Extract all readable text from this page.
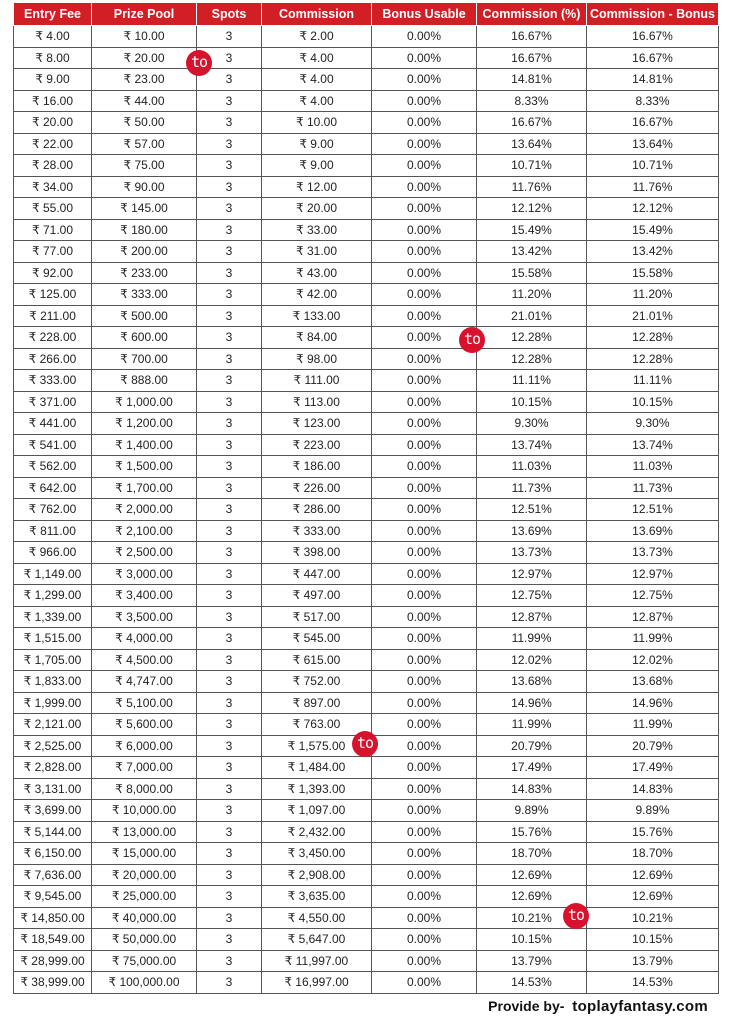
Entry Fee	Prize Pool	Spots	Commission	Bonus Usable	Commission (%)	Commission - Bonus
₹ 4.00	₹ 10.00	3	₹ 2.00	0.00%	16.67%	16.67%
₹ 8.00	₹ 20.00	3	₹ 4.00	0.00%	16.67%	16.67%
₹ 9.00	₹ 23.00	3	₹ 4.00	0.00%	14.81%	14.81%
₹ 16.00	₹ 44.00	3	₹ 4.00	0.00%	8.33%	8.33%
₹ 20.00	₹ 50.00	3	₹ 10.00	0.00%	16.67%	16.67%
₹ 22.00	₹ 57.00	3	₹ 9.00	0.00%	13.64%	13.64%
₹ 28.00	₹ 75.00	3	₹ 9.00	0.00%	10.71%	10.71%
₹ 34.00	₹ 90.00	3	₹ 12.00	0.00%	11.76%	11.76%
₹ 55.00	₹ 145.00	3	₹ 20.00	0.00%	12.12%	12.12%
₹ 71.00	₹ 180.00	3	₹ 33.00	0.00%	15.49%	15.49%
₹ 77.00	₹ 200.00	3	₹ 31.00	0.00%	13.42%	13.42%
₹ 92.00	₹ 233.00	3	₹ 43.00	0.00%	15.58%	15.58%
₹ 125.00	₹ 333.00	3	₹ 42.00	0.00%	11.20%	11.20%
₹ 211.00	₹ 500.00	3	₹ 133.00	0.00%	21.01%	21.01%
₹ 228.00	₹ 600.00	3	₹ 84.00	0.00%	12.28%	12.28%
₹ 266.00	₹ 700.00	3	₹ 98.00	0.00%	12.28%	12.28%
₹ 333.00	₹ 888.00	3	₹ 111.00	0.00%	11.11%	11.11%
₹ 371.00	₹ 1,000.00	3	₹ 113.00	0.00%	10.15%	10.15%
₹ 441.00	₹ 1,200.00	3	₹ 123.00	0.00%	9.30%	9.30%
₹ 541.00	₹ 1,400.00	3	₹ 223.00	0.00%	13.74%	13.74%
₹ 562.00	₹ 1,500.00	3	₹ 186.00	0.00%	11.03%	11.03%
₹ 642.00	₹ 1,700.00	3	₹ 226.00	0.00%	11.73%	11.73%
₹ 762.00	₹ 2,000.00	3	₹ 286.00	0.00%	12.51%	12.51%
₹ 811.00	₹ 2,100.00	3	₹ 333.00	0.00%	13.69%	13.69%
₹ 966.00	₹ 2,500.00	3	₹ 398.00	0.00%	13.73%	13.73%
₹ 1,149.00	₹ 3,000.00	3	₹ 447.00	0.00%	12.97%	12.97%
₹ 1,299.00	₹ 3,400.00	3	₹ 497.00	0.00%	12.75%	12.75%
₹ 1,339.00	₹ 3,500.00	3	₹ 517.00	0.00%	12.87%	12.87%
₹ 1,515.00	₹ 4,000.00	3	₹ 545.00	0.00%	11.99%	11.99%
₹ 1,705.00	₹ 4,500.00	3	₹ 615.00	0.00%	12.02%	12.02%
₹ 1,833.00	₹ 4,747.00	3	₹ 752.00	0.00%	13.68%	13.68%
₹ 1,999.00	₹ 5,100.00	3	₹ 897.00	0.00%	14.96%	14.96%
₹ 2,121.00	₹ 5,600.00	3	₹ 763.00	0.00%	11.99%	11.99%
₹ 2,525.00	₹ 6,000.00	3	₹ 1,575.00	0.00%	20.79%	20.79%
₹ 2,828.00	₹ 7,000.00	3	₹ 1,484.00	0.00%	17.49%	17.49%
₹ 3,131.00	₹ 8,000.00	3	₹ 1,393.00	0.00%	14.83%	14.83%
₹ 3,699.00	₹ 10,000.00	3	₹ 1,097.00	0.00%	9.89%	9.89%
₹ 5,144.00	₹ 13,000.00	3	₹ 2,432.00	0.00%	15.76%	15.76%
₹ 6,150.00	₹ 15,000.00	3	₹ 3,450.00	0.00%	18.70%	18.70%
₹ 7,636.00	₹ 20,000.00	3	₹ 2,908.00	0.00%	12.69%	12.69%
₹ 9,545.00	₹ 25,000.00	3	₹ 3,635.00	0.00%	12.69%	12.69%
₹ 14,850.00	₹ 40,000.00	3	₹ 4,550.00	0.00%	10.21%	10.21%
₹ 18,549.00	₹ 50,000.00	3	₹ 5,647.00	0.00%	10.15%	10.15%
₹ 28,999.00	₹ 75,000.00	3	₹ 11,997.00	0.00%	13.79%	13.79%
₹ 38,999.00	₹ 100,000.00	3	₹ 16,997.00	0.00%	14.53%	14.53%
to
to
to
to
Provide by- toplayfantasy.com
